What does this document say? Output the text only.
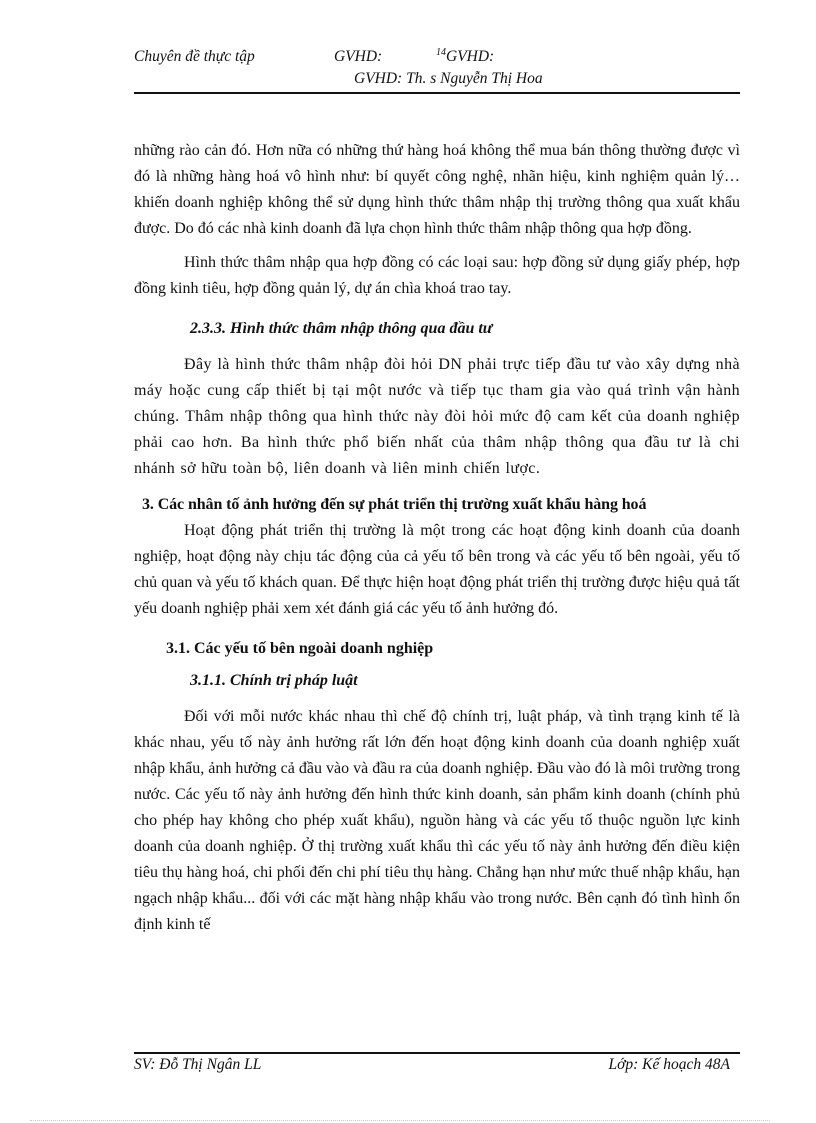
Chuyên đề thực tập	GVHD:	$^{14}$GVHD:
GVHD: Th. s Nguyễn Thị Hoa

những rào cản đó. Hơn nữa có những thứ hàng hoá không thể mua bán thông thường được vì đó là những hàng hoá vô hình như: bí quyết công nghệ, nhãn hiệu, kinh nghiệm quản lý… khiến doanh nghiệp không thể sử dụng hình thức thâm nhập thị trường thông qua xuất khẩu được. Do đó các nhà kinh doanh đã lựa chọn hình thức thâm nhập thông qua hợp đồng.

Hình thức thâm nhập qua hợp đồng có các loại sau: hợp đồng sử dụng giấy phép, hợp đồng kinh tiêu, hợp đồng quản lý, dự án chìa khoá trao tay.

2.3.3. Hình thức thâm nhập thông qua đầu tư

Đây là hình thức thâm nhập đòi hỏi DN phải trực tiếp đầu tư vào xây dựng nhà máy hoặc cung cấp thiết bị tại một nước và tiếp tục tham gia vào quá trình vận hành chúng. Thâm nhập thông qua hình thức này đòi hỏi mức độ cam kết của doanh nghiệp phải cao hơn. Ba hình thức phổ biến nhất của thâm nhập thông qua đầu tư là chi nhánh sở hữu toàn bộ, liên doanh và liên minh chiến lược.

3. Các nhân tố ảnh hưởng đến sự phát triển thị trường xuất khẩu hàng hoá

Hoạt động phát triển thị trường là một trong các hoạt động kinh doanh của doanh nghiệp, hoạt động này chịu tác động của cả yếu tố bên trong và các yếu tố bên ngoài, yếu tố chủ quan và yếu tố khách quan. Để thực hiện hoạt động phát triển thị trường được hiệu quả tất yếu doanh nghiệp phải xem xét đánh giá các yếu tố ảnh hưởng đó.

3.1. Các yếu tố bên ngoài doanh nghiệp

3.1.1. Chính trị pháp luật

Đối với mỗi nước khác nhau thì chế độ chính trị, luật pháp, và tình trạng kinh tế là khác nhau, yếu tố này ảnh hưởng rất lớn đến hoạt động kinh doanh của doanh nghiệp xuất nhập khẩu, ảnh hưởng cả đầu vào và đầu ra của doanh nghiệp. Đầu vào đó là môi trường trong nước. Các yếu tố này ảnh hưởng đến hình thức kinh doanh, sản phẩm kinh doanh (chính phủ cho phép hay không cho phép xuất khẩu), nguồn hàng và các yếu tố thuộc nguồn lực kinh doanh của doanh nghiệp. Ở thị trường xuất khẩu thì các yếu tố này ảnh hưởng đến điều kiện tiêu thụ hàng hoá, chi phối đến chi phí tiêu thụ hàng. Chẳng hạn như mức thuế nhập khẩu, hạn ngạch nhập khẩu... đối với các mặt hàng nhập khẩu vào trong nước. Bên cạnh đó tình hình ổn định kinh tế

SV: Đỗ Thị Ngân LL	Lớp: Kế hoạch 48A
